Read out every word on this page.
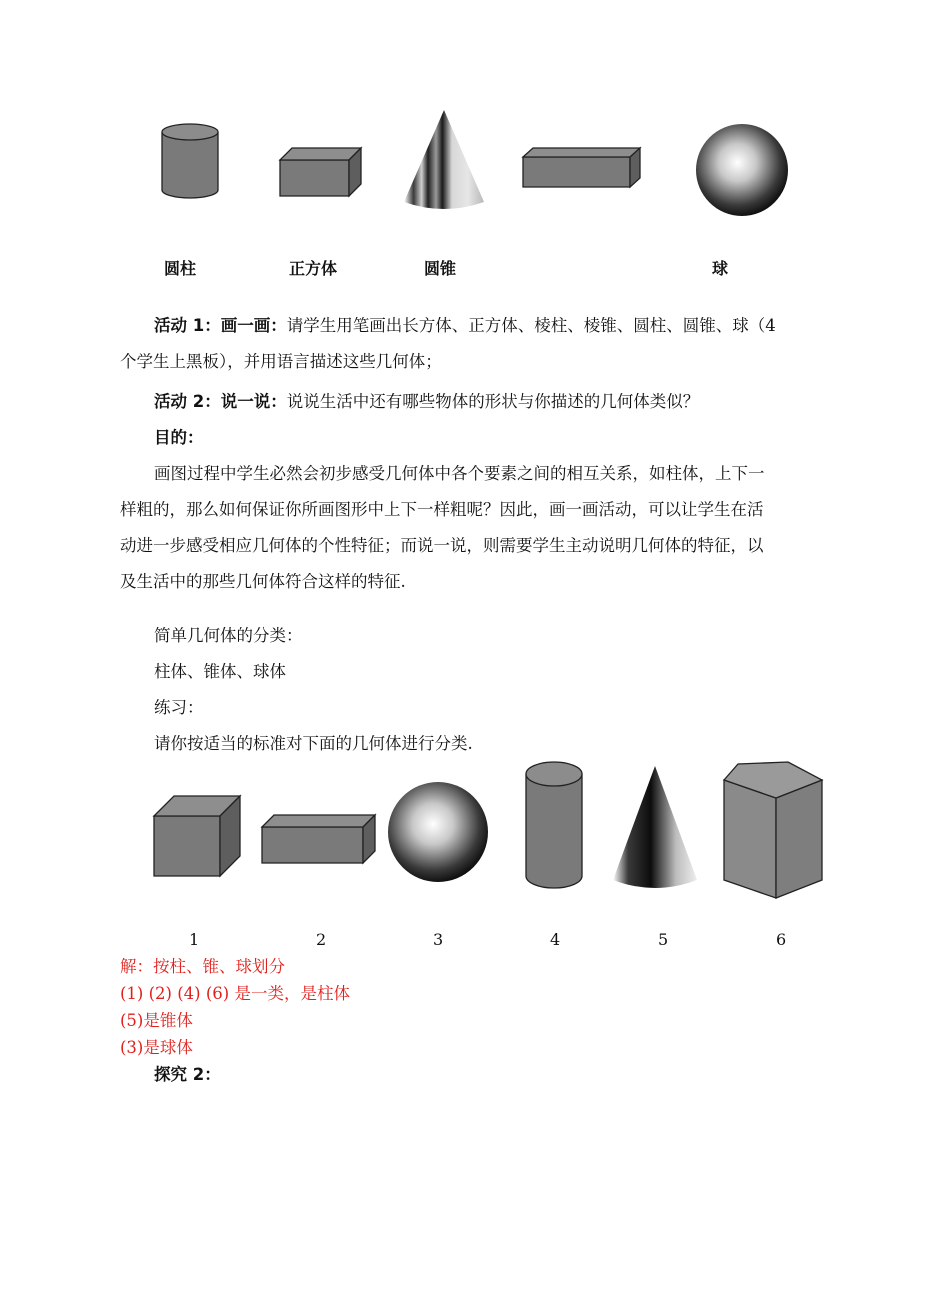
圆柱	正方体	圆锥	球
活动 1：画一画：请学生用笔画出长方体、正方体、棱柱、棱锥、圆柱、圆锥、球（4
个学生上黑板），并用语言描述这些几何体；
活动 2：说一说：说说生活中还有哪些物体的形状与你描述的几何体类似？
目的：
画图过程中学生必然会初步感受几何体中各个要素之间的相互关系，如柱体，上下一
样粗的，那么如何保证你所画图形中上下一样粗呢？因此，画一画活动，可以让学生在活
动进一步感受相应几何体的个性特征；而说一说，则需要学生主动说明几何体的特征，以
及生活中的那些几何体符合这样的特征.
简单几何体的分类：
柱体、锥体、球体
练习：
请你按适当的标准对下面的几何体进行分类.
1	2	3	4	5	6
解：按柱、锥、球划分
(1) (2) (4) (6) 是一类，是柱体
(5)是锥体
(3)是球体
探究 2：
